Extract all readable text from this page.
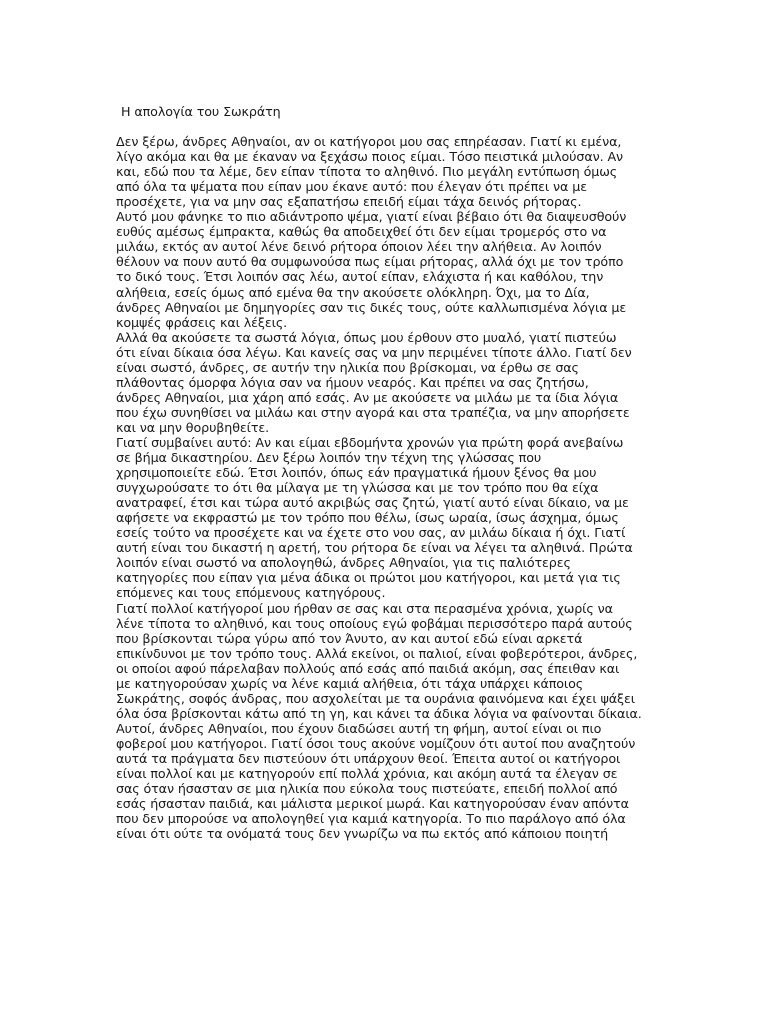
Η απολογία του Σωκράτη
Δεν ξέρω, άνδρες Αθηναίοι, αν οι κατήγοροι μου σας επηρέασαν. Γιατί κι εμένα,
λίγο ακόμα και θα με έκαναν να ξεχάσω ποιος είμαι. Τόσο πειστικά μιλούσαν. Αν
και, εδώ που τα λέμε, δεν είπαν τίποτα το αληθινό. Πιο μεγάλη εντύπωση όμως
από όλα τα ψέματα που είπαν μου έκανε αυτό: που έλεγαν ότι πρέπει να με
προσέχετε, για να μην σας εξαπατήσω επειδή είμαι τάχα δεινός ρήτορας.
Αυτό μου φάνηκε το πιο αδιάντροπο ψέμα, γιατί είναι βέβαιο ότι θα διαψευσθούν
ευθύς αμέσως έμπρακτα, καθώς θα αποδειχθεί ότι δεν είμαι τρομερός στο να
μιλάω, εκτός αν αυτοί λένε δεινό ρήτορα όποιον λέει την αλήθεια. Αν λοιπόν
θέλουν να πουν αυτό θα συμφωνούσα πως είμαι ρήτορας, αλλά όχι με τον τρόπο
το δικό τους. Έτσι λοιπόν σας λέω, αυτοί είπαν, ελάχιστα ή και καθόλου, την
αλήθεια, εσείς όμως από εμένα θα την ακούσετε ολόκληρη. Όχι, μα το Δία,
άνδρες Αθηναίοι με δημηγορίες σαν τις δικές τους, ούτε καλλωπισμένα λόγια με
κομψές φράσεις και λέξεις.
Αλλά θα ακούσετε τα σωστά λόγια, όπως μου έρθουν στο μυαλό, γιατί πιστεύω
ότι είναι δίκαια όσα λέγω. Και κανείς σας να μην περιμένει τίποτε άλλο. Γιατί δεν
είναι σωστό, άνδρες, σε αυτήν την ηλικία που βρίσκομαι, να έρθω σε σας
πλάθοντας όμορφα λόγια σαν να ήμουν νεαρός. Και πρέπει να σας ζητήσω,
άνδρες Αθηναίοι, μια χάρη από εσάς. Αν με ακούσετε να μιλάω με τα ίδια λόγια
που έχω συνηθίσει να μιλάω και στην αγορά και στα τραπέζια, να μην απορήσετε
και να μην θορυβηθείτε.
Γιατί συμβαίνει αυτό: Αν και είμαι εβδομήντα χρονών για πρώτη φορά ανεβαίνω
σε βήμα δικαστηρίου. Δεν ξέρω λοιπόν την τέχνη της γλώσσας που
χρησιμοποιείτε εδώ. Έτσι λοιπόν, όπως εάν πραγματικά ήμουν ξένος θα μου
συγχωρούσατε το ότι θα μίλαγα με τη γλώσσα και με τον τρόπο που θα είχα
ανατραφεί, έτσι και τώρα αυτό ακριβώς σας ζητώ, γιατί αυτό είναι δίκαιο, να με
αφήσετε να εκφραστώ με τον τρόπο που θέλω, ίσως ωραία, ίσως άσχημα, όμως
εσείς τούτο να προσέχετε και να έχετε στο νου σας, αν μιλάω δίκαια ή όχι. Γιατί
αυτή είναι του δικαστή η αρετή, του ρήτορα δε είναι να λέγει τα αληθινά. Πρώτα
λοιπόν είναι σωστό να απολογηθώ, άνδρες Αθηναίοι, για τις παλιότερες
κατηγορίες που είπαν για μένα άδικα οι πρώτοι μου κατήγοροι, και μετά για τις
επόμενες και τους επόμενους κατηγόρους.
Γιατί πολλοί κατήγοροί μου ήρθαν σε σας και στα περασμένα χρόνια, χωρίς να
λένε τίποτα το αληθινό, και τους οποίους εγώ φοβάμαι περισσότερο παρά αυτούς
που βρίσκονται τώρα γύρω από τον Άνυτο, αν και αυτοί εδώ είναι αρκετά
επικίνδυνοι με τον τρόπο τους. Αλλά εκείνοι, οι παλιοί, είναι φοβερότεροι, άνδρες,
οι οποίοι αφού πάρελαβαν πολλούς από εσάς από παιδιά ακόμη, σας έπειθαν και
με κατηγορούσαν χωρίς να λένε καμιά αλήθεια, ότι τάχα υπάρχει κάποιος
Σωκράτης, σοφός άνδρας, που ασχολείται με τα ουράνια φαινόμενα και έχει ψάξει
όλα όσα βρίσκονται κάτω από τη γη, και κάνει τα άδικα λόγια να φαίνονται δίκαια.
Αυτοί, άνδρες Αθηναίοι, που έχουν διαδώσει αυτή τη φήμη, αυτοί είναι οι πιο
φοβεροί μου κατήγοροι. Γιατί όσοι τους ακούνε νομίζουν ότι αυτοί που αναζητούν
αυτά τα πράγματα δεν πιστεύουν ότι υπάρχουν θεοί. Έπειτα αυτοί οι κατήγοροι
είναι πολλοί και με κατηγορούν επί πολλά χρόνια, και ακόμη αυτά τα έλεγαν σε
σας όταν ήσασταν σε μια ηλικία που εύκολα τους πιστεύατε, επειδή πολλοί από
εσάς ήσασταν παιδιά, και μάλιστα μερικοί μωρά. Και κατηγορούσαν έναν απόντα
που δεν μπορούσε να απολογηθεί για καμιά κατηγορία. Το πιο παράλογο από όλα
είναι ότι ούτε τα ονόματά τους δεν γνωρίζω να πω εκτός από κάποιου ποιητή
